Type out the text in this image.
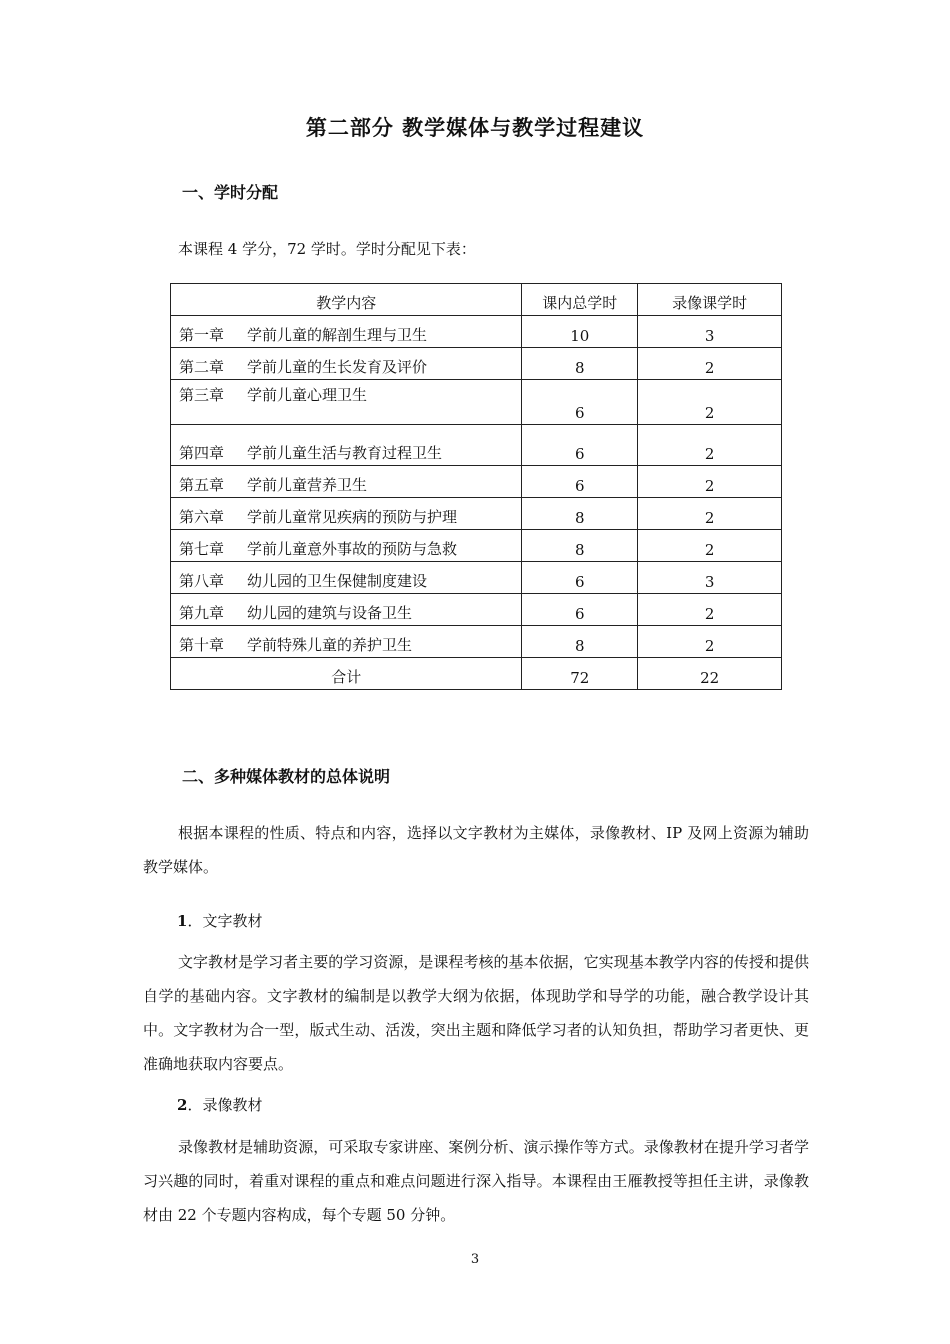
第二部分 教学媒体与教学过程建议
一、学时分配
本课程 4 学分，72 学时。学时分配见下表：
教学内容	课内总学时	录像课学时
第一章 学前儿童的解剖生理与卫生	10	3
第二章 学前儿童的生长发育及评价	8	2
第三章 学前儿童心理卫生	6	2
第四章 学前儿童生活与教育过程卫生	6	2
第五章 学前儿童营养卫生	6	2
第六章 学前儿童常见疾病的预防与护理	8	2
第七章 学前儿童意外事故的预防与急救	8	2
第八章 幼儿园的卫生保健制度建设	6	3
第九章 幼儿园的建筑与设备卫生	6	2
第十章 学前特殊儿童的养护卫生	8	2
合计	72	22
二、多种媒体教材的总体说明
根据本课程的性质、特点和内容，选择以文字教材为主媒体，录像教材、IP 及网上资源为辅助教学媒体。
1．文字教材
文字教材是学习者主要的学习资源，是课程考核的基本依据，它实现基本教学内容的传授和提供自学的基础内容。文字教材的编制是以教学大纲为依据，体现助学和导学的功能，融合教学设计其中。文字教材为合一型，版式生动、活泼，突出主题和降低学习者的认知负担，帮助学习者更快、更准确地获取内容要点。
2．录像教材
录像教材是辅助资源，可采取专家讲座、案例分析、演示操作等方式。录像教材在提升学习者学习兴趣的同时，着重对课程的重点和难点问题进行深入指导。本课程由王雁教授等担任主讲，录像教材由 22 个专题内容构成，每个专题 50 分钟。
3
